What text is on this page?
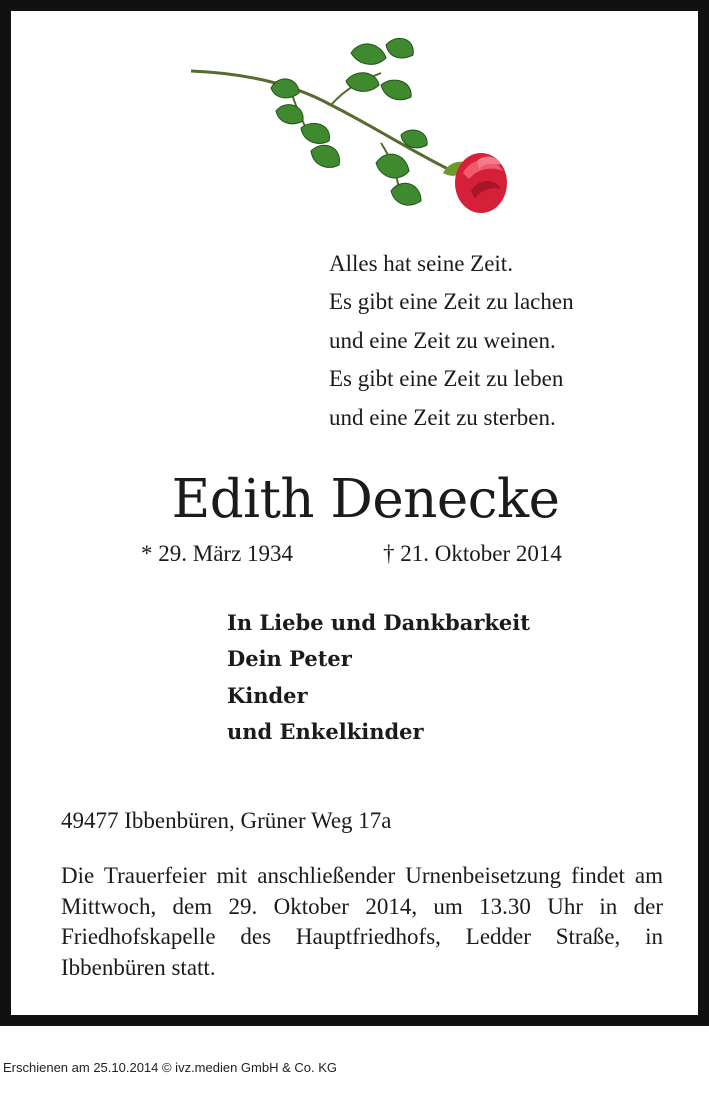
Alles hat seine Zeit.
Es gibt eine Zeit zu lachen
und eine Zeit zu weinen.
Es gibt eine Zeit zu leben
und eine Zeit zu sterben.
Edith Denecke
* 29. März 1934	† 21. Oktober 2014
In Liebe und Dankbarkeit
Dein Peter
Kinder
und Enkelkinder
49477 Ibbenbüren, Grüner Weg 17a
Die Trauerfeier mit anschließender Urnenbeisetzung findet am Mittwoch, dem 29. Oktober 2014, um 13.30 Uhr in der Friedhofskapelle des Hauptfriedhofs, Ledder Straße, in Ibbenbüren statt.
Erschienen am 25.10.2014 © ivz.medien GmbH & Co. KG
